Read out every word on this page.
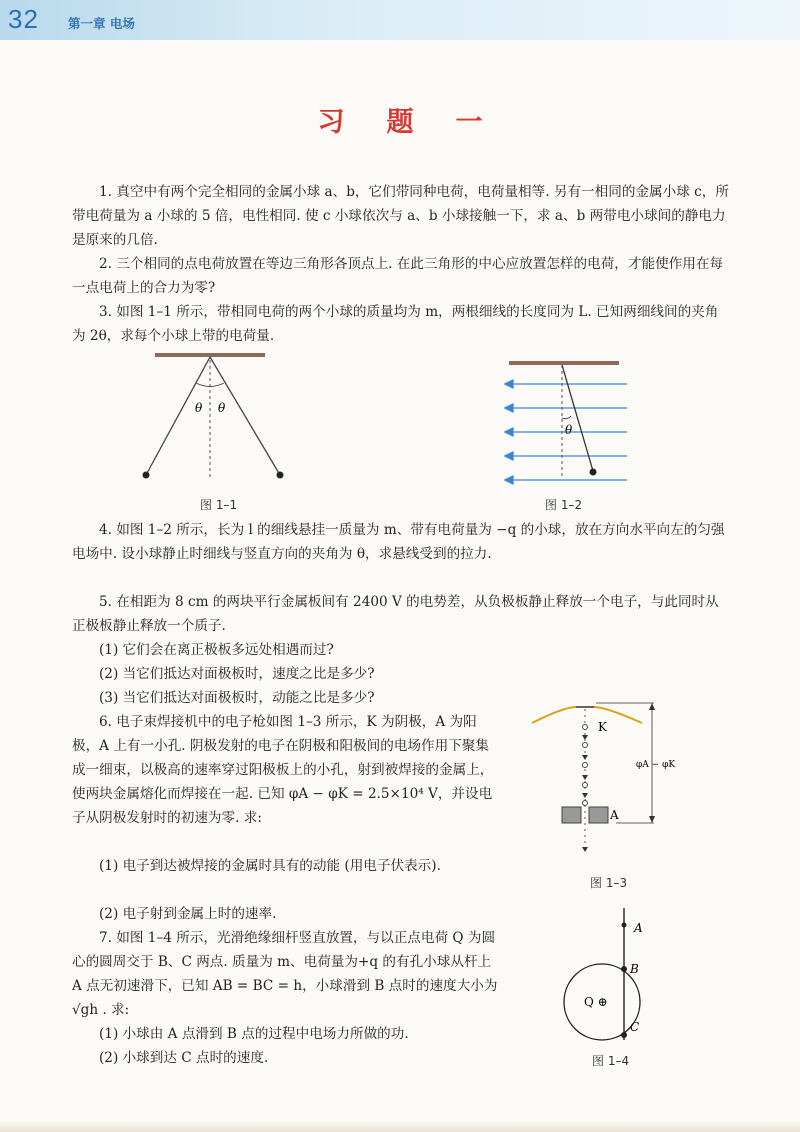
32 第一章 电场
习题一

1. 真空中有两个完全相同的金属小球 a、b，它们带同种电荷，电荷量相等. 另有一相同的金属小球 c，所带电荷量为 a 小球的 5 倍，电性相同. 使 c 小球依次与 a、b 小球接触一下，求 a、b 两带电小球间的静电力是原来的几倍.

2. 三个相同的点电荷放置在等边三角形各顶点上. 在此三角形的中心应放置怎样的电荷，才能使作用在每一点电荷上的合力为零?

3. 如图 1–1 所示，带相同电荷的两个小球的质量均为 m，两根细线的长度同为 L. 已知两细线间的夹角为 2θ，求每个小球上带的电荷量.

θ θ
图 1–1
θ
图 1–2

4. 如图 1–2 所示，长为 l 的细线悬挂一质量为 m、带有电荷量为 −q 的小球，放在方向水平向左的匀强电场中. 设小球静止时细线与竖直方向的夹角为 θ，求悬线受到的拉力.

5. 在相距为 8 cm 的两块平行金属板间有 2400 V 的电势差，从负极板静止释放一个电子，与此同时从正极板静止释放一个质子.

(1) 它们会在离正极板多远处相遇而过?

(2) 当它们抵达对面极板时，速度之比是多少?

(3) 当它们抵达对面极板时，动能之比是多少?

6. 电子束焊接机中的电子枪如图 1–3 所示，K 为阴极，A 为阳极，A 上有一小孔. 阴极发射的电子在阴极和阳极间的电场作用下聚集成一细束，以极高的速率穿过阳极板上的小孔，射到被焊接的金属上，使两块金属熔化而焊接在一起. 已知 φA − φK = 2.5×10⁴ V，并设电子从阴极发射时的初速为零. 求:

(1) 电子到达被焊接的金属时具有的动能 (用电子伏表示).

(2) 电子射到金属上时的速率.

K
A
φA − φK
图 1–3

7. 如图 1–4 所示，光滑绝缘细杆竖直放置，与以正点电荷 Q 为圆心的圆周交于 B、C 两点. 质量为 m、电荷量为+q 的有孔小球从杆上 A 点无初速滑下，已知 AB = BC = h，小球滑到 B 点时的速度大小为 √gh . 求:

(1) 小球由 A 点滑到 B 点的过程中电场力所做的功.

(2) 小球到达 C 点时的速度.

A
B
C
Q ⊕
图 1–4
